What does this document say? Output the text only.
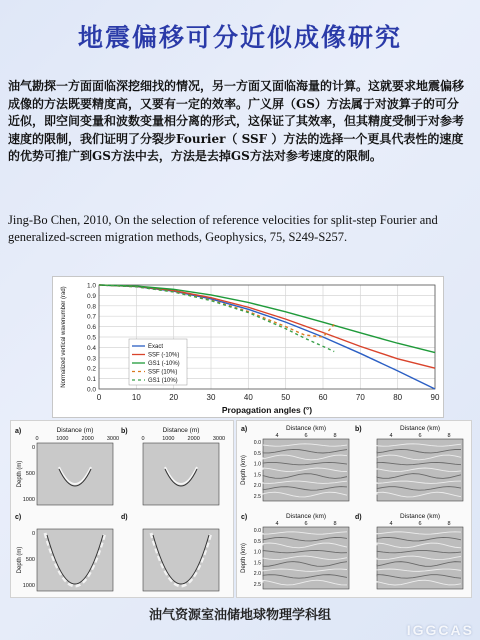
地震偏移可分近似成像研究
油气勘探一方面面临深挖细找的情况，另一方面又面临海量的计算。这就要求地震偏移成像的方法既要精度高，又要有一定的效率。广义屏（GS）方法属于对波算子的可分近似，即空间变量和波数变量相分离的形式，这保证了其效率，但其精度受制于对参考速度的限制，我们证明了分裂步Fourier（ SSF ）方法的选择一个更具代表性的速度的优势可推广到GS方法中去，方法是去掉GS方法对参考速度的限制。
Jing-Bo Chen, 2010, On the selection of reference velocities for split-step Fourier and generalized-screen migration methods, Geophysics, 75, S249-S257.
0	10	20	30	40	50	60	70	80	90
0.0
0.1
0.2
0.3
0.4
0.5
0.6
0.7
0.8
0.9
1.0
Propagation angles (°)
Normalized vertical wavenumber (rad)	Exact
SSF (-10%)
GS1 (-10%)
SSF (10%)
GS1 (10%)
a)	Distance (m)
0	1000 2000 3000
Depth (m)
0
500
1000
b)	Distance (m)
0	1000 2000 3000
c)
Depth (m)
0
500
1000
d)
a)	Distance (km)
4	6	8
Depth (km)
0.0
0.5
1.0
1.5
2.0
2.5
b)	Distance (km)
4	6	8
c)	Distance (km)
4	6	8
Depth (km)
0.0
0.5
1.0
1.5
2.0
2.5
d)	Distance (km)
4	6	8
油气资源室油储地球物理学科组
IGGCAS
